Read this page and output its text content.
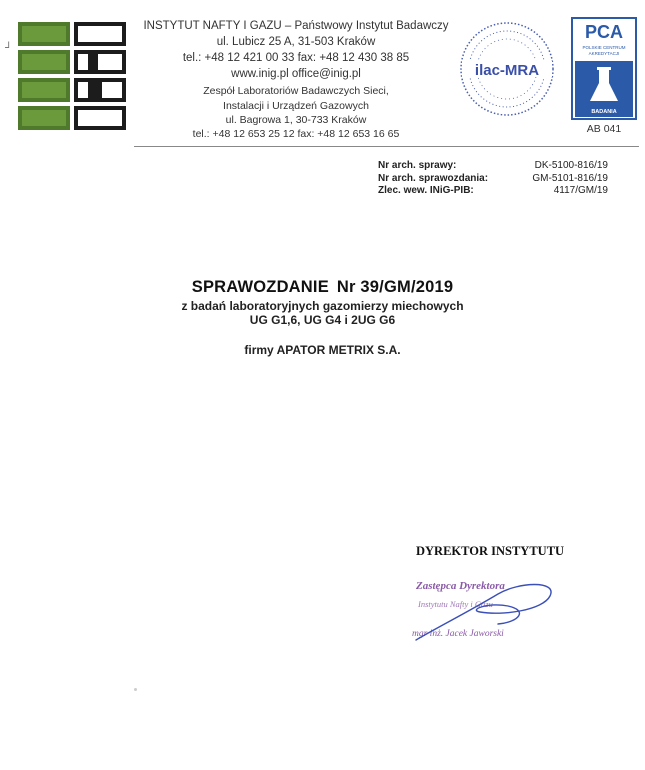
⅃
INSTYTUT NAFTY I GAZU – Państwowy Instytut Badawczy
ul. Lubicz 25 A, 31-503 Kraków
tel.: +48 12 421 00 33 fax: +48 12 430 38 85
www.inig.pl office@inig.pl
Zespół Laboratoriów Badawczych Sieci,
Instalacji i Urządzeń Gazowych
ul. Bagrowa 1, 30-733 Kraków
tel.: +48 12 653 25 12 fax: +48 12 653 16 65
ilac-MRA
PCA
POLSKIE CENTRUM
AKREDYTACJI
BADANIA
AB 041
Nr arch. sprawy:	DK-5100-816/19
Nr arch. sprawozdania:	GM-5101-816/19
Zlec. wew. INiG-PIB:	4117/GM/19
SPRAWOZDANIE Nr 39/GM/2019
z badań laboratoryjnych gazomierzy miechowych
UG G1,6, UG G4 i 2UG G6
firmy APATOR METRIX S.A.
DYREKTOR INSTYTUTU
Zastępca Dyrektora
Instytutu Nafty i Gazu
mgr inż. Jacek Jaworski
